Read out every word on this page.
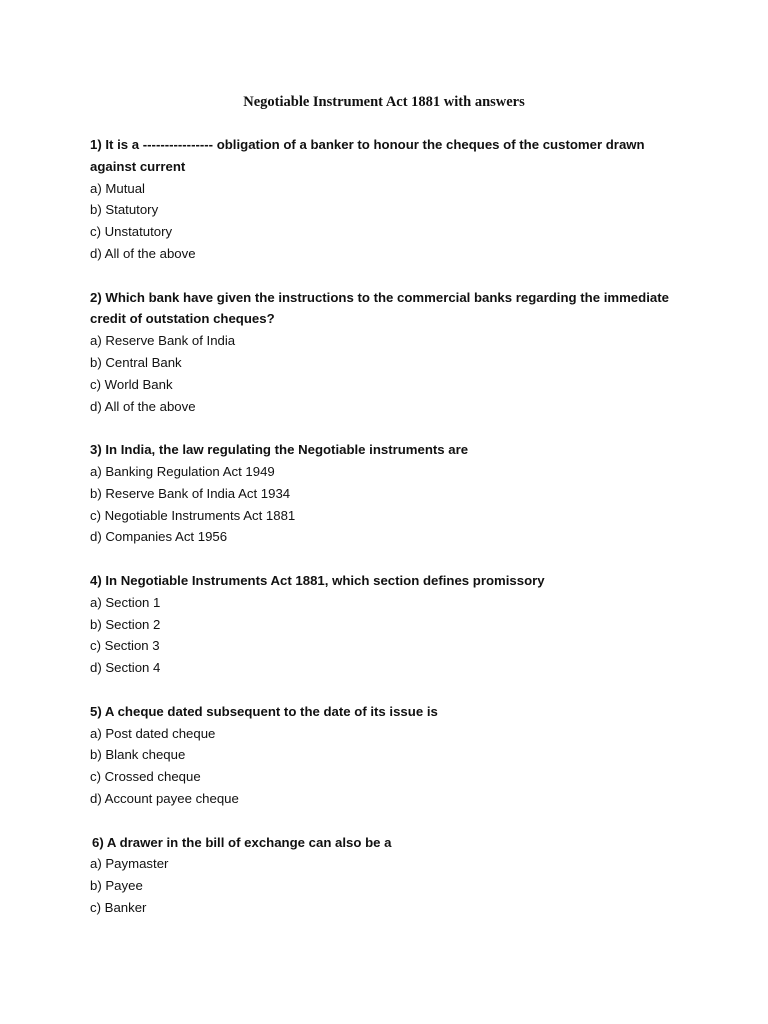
Negotiable Instrument Act 1881 with answers

1) It is a ---------------- obligation of a banker to honour the cheques of the customer drawn against current

a) Mutual

b) Statutory

c) Unstatutory

d) All of the above

2) Which bank have given the instructions to the commercial banks regarding the immediate credit of outstation cheques?

a) Reserve Bank of India

b) Central Bank

c) World Bank

d) All of the above

3) In India, the law regulating the Negotiable instruments are

a) Banking Regulation Act 1949

b) Reserve Bank of India Act 1934

c) Negotiable Instruments Act 1881

d) Companies Act 1956

4) In Negotiable Instruments Act 1881, which section defines promissory

a) Section 1

b) Section 2

c) Section 3

d) Section 4

5) A cheque dated subsequent to the date of its issue is

a) Post dated cheque

b) Blank cheque

c) Crossed cheque

d) Account payee cheque

6) A drawer in the bill of exchange can also be a

a) Paymaster

b) Payee

c) Banker
